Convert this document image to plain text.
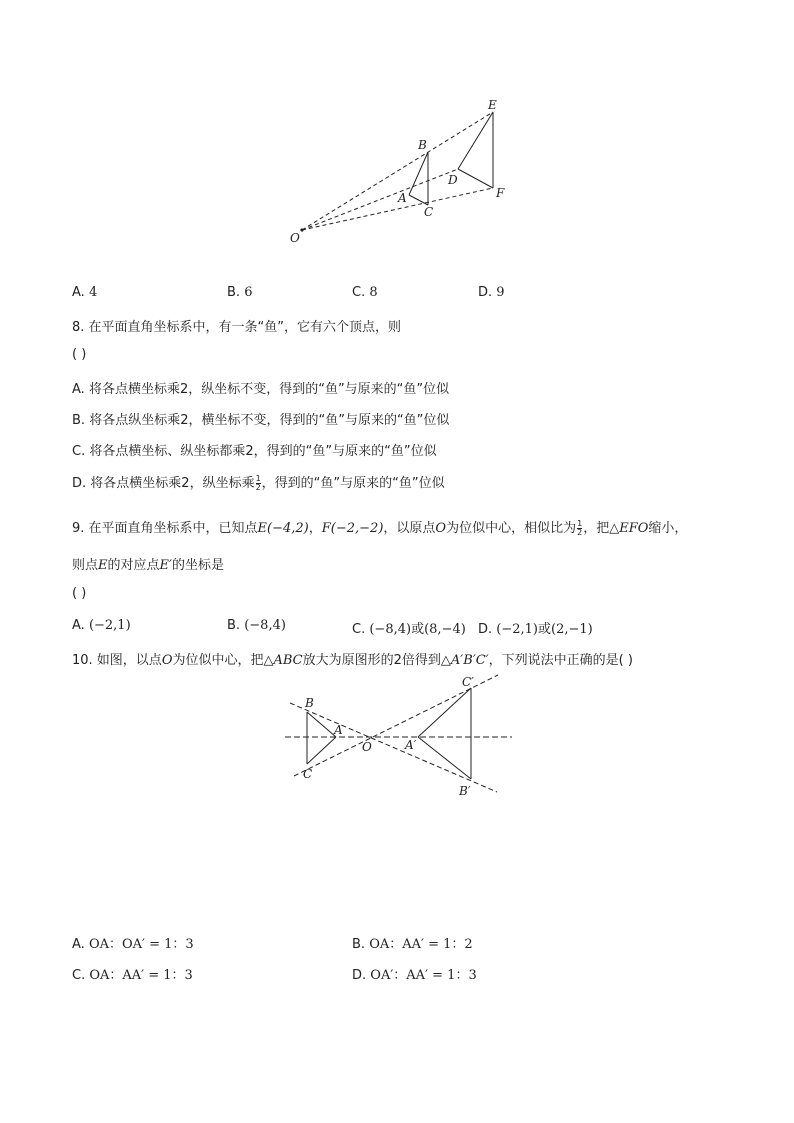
E
B
D
A
C
F
O
A. 4	B. 6	C. 8	D. 9
8. 在平面直角坐标系中，有一条“鱼”，它有六个顶点，则
( )
A. 将各点横坐标乘2，纵坐标不变，得到的“鱼”与原来的“鱼”位似
B. 将各点纵坐标乘2，横坐标不变，得到的“鱼”与原来的“鱼”位似
C. 将各点横坐标、纵坐标都乘2，得到的“鱼”与原来的“鱼”位似
D. 将各点横坐标乘2，纵坐标乘 $\frac{1}{2}$ ，得到的“鱼”与原来的“鱼”位似
9. 在平面直角坐标系中，已知点E(−4,2)，F(−2,−2)，以原点O为位似中心，相似比为 $\frac{1}{2}$ ，把△EFO缩小，
则点E的对应点E′的坐标是
( )
A. (−2,1)	B. (−8,4)	C. (−8,4)或(8,−4) D. (−2,1)或(2,−1)
10. 如图，以点O为位似中心，把△ABC放大为原图形的2倍得到△A′B′C′，下列说法中正确的是( )
B
A
O
C
C′
A′
B′
A. OA：OA′ = 1：3	B. OA：AA′ = 1：2
C. OA：AA′ = 1：3	D. OA′：AA′ = 1：3
